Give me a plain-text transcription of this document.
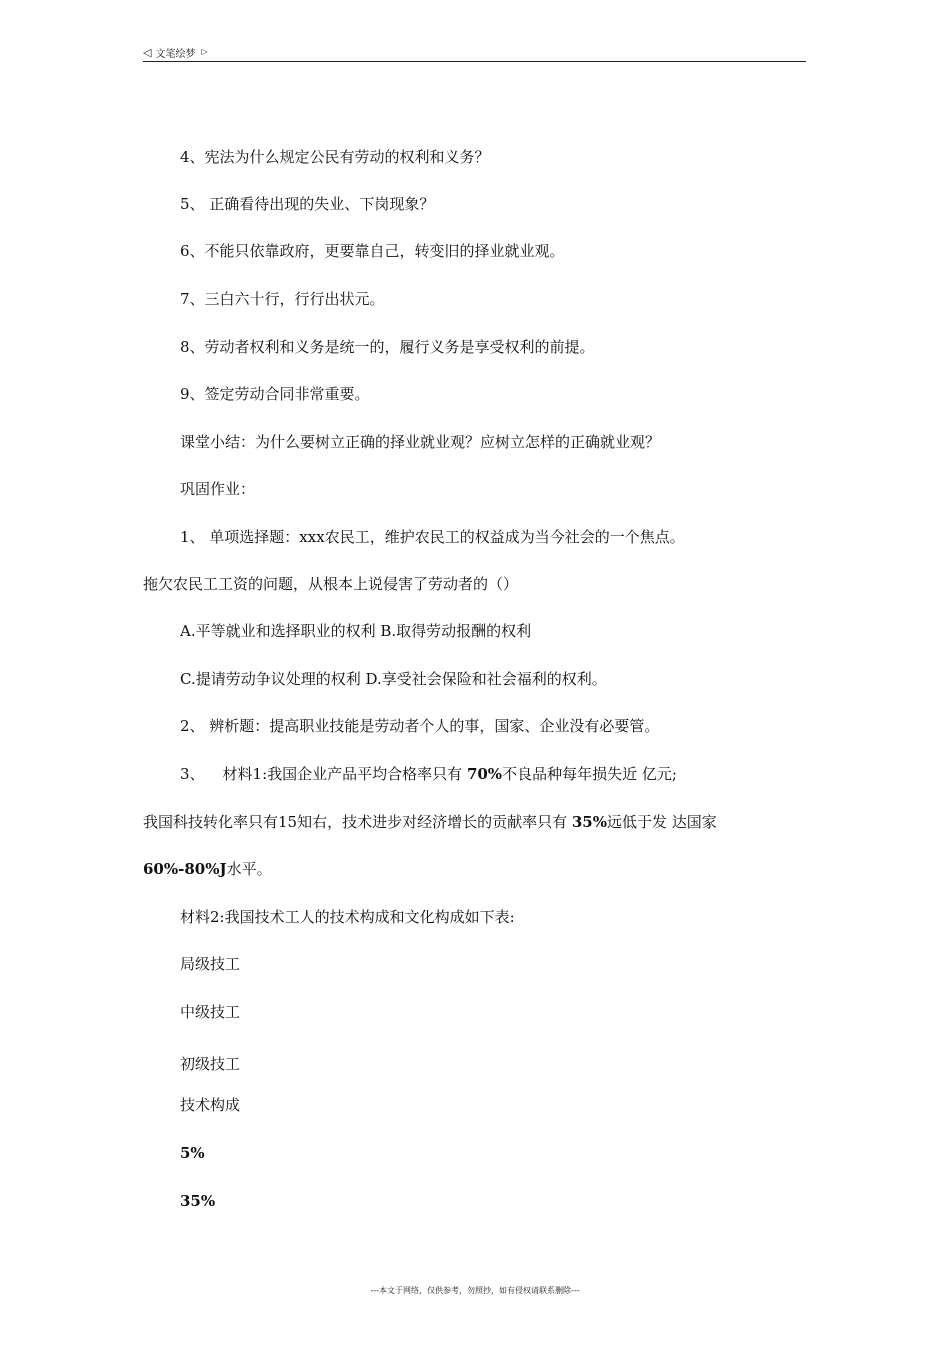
◁ 文笔绘梦 ▷
4、宪法为什么规定公民有劳动的权利和义务？
5、 正确看待出现的失业、下岗现象？
6、不能只依靠政府，更要靠自己，转变旧的择业就业观。
7、三白六十行，行行出状元。
8、劳动者权利和义务是统一的，履行义务是享受权利的前提。
9、签定劳动合同非常重要。
课堂小结：为什么要树立正确的择业就业观？应树立怎样的正确就业观？
巩固作业：
1、 单项选择题：xxx农民工，维护农民工的权益成为当今社会的一个焦点。
拖欠农民工工资的问题，从根本上说侵害了劳动者的（）
A.平等就业和选择职业的权利 B.取得劳动报酬的权利
C.提请劳动争议处理的权利 D.享受社会保险和社会福利的权利。
2、 辨析题：提高职业技能是劳动者个人的事，国家、企业没有必要管。
3、 材料1:我国企业产品平均合格率只有 70%不良品种每年损失近 亿元;
我国科技转化率只有15知右，技术进步对经济增长的贡献率只有 35%远低于发 达国家
60%-80%J水平。
材料2:我国技术工人的技术构成和文化构成如下表:
局级技工
中级技工
初级技工
技术构成
5%
35%
---本文于网络，仅供参考，勿照抄，如有侵权请联系删除---
